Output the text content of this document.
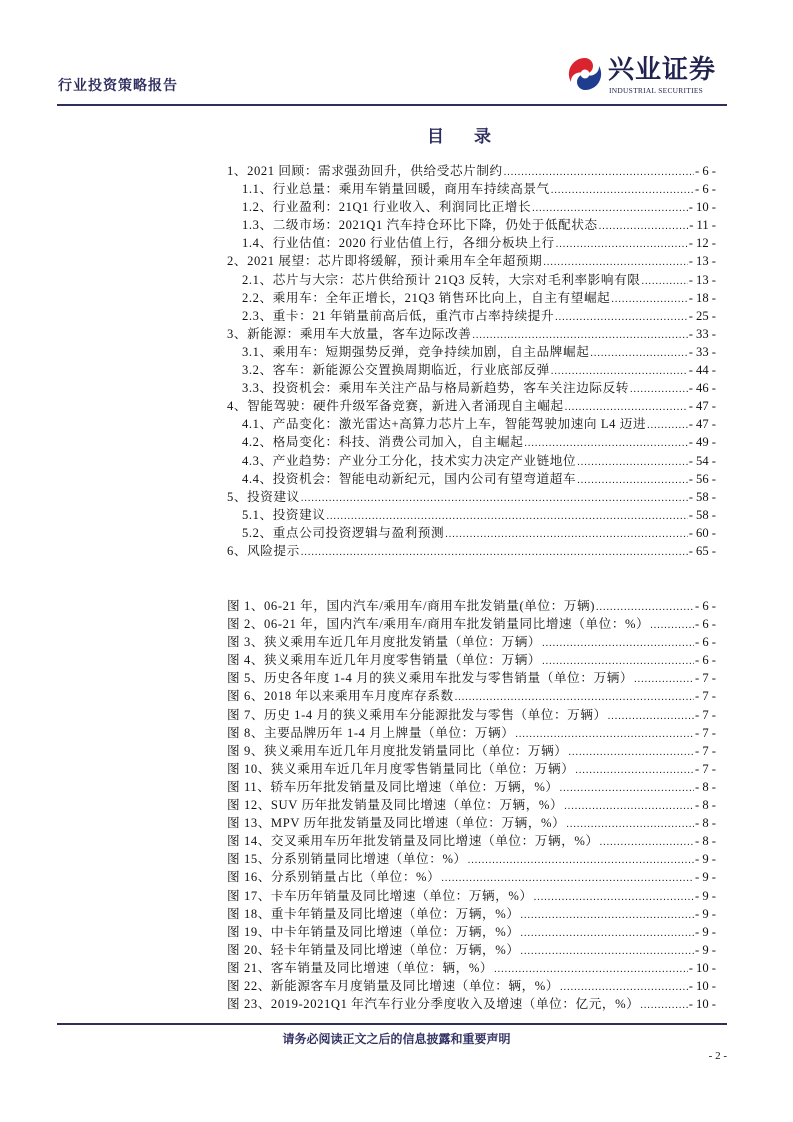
行业投资策略报告
兴业证券
INDUSTRIAL SECURITIES
目 录
1、2021 回顾：需求强劲回升，供给受芯片制约 .....	- 6 -
1.1、行业总量：乘用车销量回暖，商用车持续高景气 .....	- 6 -
1.2、行业盈利：21Q1 行业收入、利润同比正增长 .....	- 10 -
1.3、二级市场：2021Q1 汽车持仓环比下降，仍处于低配状态 .....	- 11 -
1.4、行业估值：2020 行业估值上行，各细分板块上行 .....	- 12 -
2、2021 展望：芯片即将缓解，预计乘用车全年超预期 .....	- 13 -
2.1、芯片与大宗：芯片供给预计 21Q3 反转，大宗对毛利率影响有限 .....	- 13 -
2.2、乘用车：全年正增长，21Q3 销售环比向上，自主有望崛起 .....	- 18 -
2.3、重卡：21 年销量前高后低，重汽市占率持续提升 .....	- 25 -
3、新能源：乘用车大放量，客车边际改善 .....	- 33 -
3.1、乘用车：短期强势反弹，竞争持续加剧，自主品牌崛起 .....	- 33 -
3.2、客车：新能源公交置换周期临近，行业底部反弹 .....	- 44 -
3.3、投资机会：乘用车关注产品与格局新趋势，客车关注边际反转 .....	- 46 -
4、智能驾驶：硬件升级军备竞赛，新进入者涌现自主崛起 .....	- 47 -
4.1、产品变化：激光雷达+高算力芯片上车，智能驾驶加速向 L4 迈进 .....	- 47 -
4.2、格局变化：科技、消费公司加入，自主崛起 .....	- 49 -
4.3、产业趋势：产业分工分化，技术实力决定产业链地位 .....	- 54 -
4.4、投资机会：智能电动新纪元，国内公司有望弯道超车 .....	- 56 -
5、投资建议 .....	- 58 -
5.1、投资建议 .....	- 58 -
5.2、重点公司投资逻辑与盈利预测 .....	- 60 -
6、风险提示 .....	- 65 -
图 1、06-21 年，国内汽车/乘用车/商用车批发销量(单位：万辆) .....	- 6 -
图 2、06-21 年，国内汽车/乘用车/商用车批发销量同比增速（单位：%） .....	- 6 -
图 3、狭义乘用车近几年月度批发销量（单位：万辆） .....	- 6 -
图 4、狭义乘用车近几年月度零售销量（单位：万辆） .....	- 6 -
图 5、历史各年度 1-4 月的狭义乘用车批发与零售销量（单位：万辆） .....	- 7 -
图 6、2018 年以来乘用车月度库存系数 .....	- 7 -
图 7、历史 1-4 月的狭义乘用车分能源批发与零售（单位：万辆） .....	- 7 -
图 8、主要品牌历年 1-4 月上牌量（单位：万辆） .....	- 7 -
图 9、狭义乘用车近几年月度批发销量同比（单位：万辆） .....	- 7 -
图 10、狭义乘用车近几年月度零售销量同比（单位：万辆） .....	- 7 -
图 11、轿车历年批发销量及同比增速（单位：万辆，%） .....	- 8 -
图 12、SUV 历年批发销量及同比增速（单位：万辆，%） .....	- 8 -
图 13、MPV 历年批发销量及同比增速（单位：万辆，%） .....	- 8 -
图 14、交叉乘用车历年批发销量及同比增速（单位：万辆，%） .....	- 8 -
图 15、分系别销量同比增速（单位：%） .....	- 9 -
图 16、分系别销量占比（单位：%） .....	- 9 -
图 17、卡车历年销量及同比增速（单位：万辆，%） .....	- 9 -
图 18、重卡年销量及同比增速（单位：万辆，%） .....	- 9 -
图 19、中卡年销量及同比增速（单位：万辆，%） .....	- 9 -
图 20、轻卡年销量及同比增速（单位：万辆，%） .....	- 9 -
图 21、客车销量及同比增速（单位：辆，%） .....	- 10 -
图 22、新能源客车月度销量及同比增速（单位：辆，%） .....	- 10 -
图 23、2019-2021Q1 年汽车行业分季度收入及增速（单位：亿元，%） .....	- 10 -
请务必阅读正文之后的信息披露和重要声明
- 2 -
